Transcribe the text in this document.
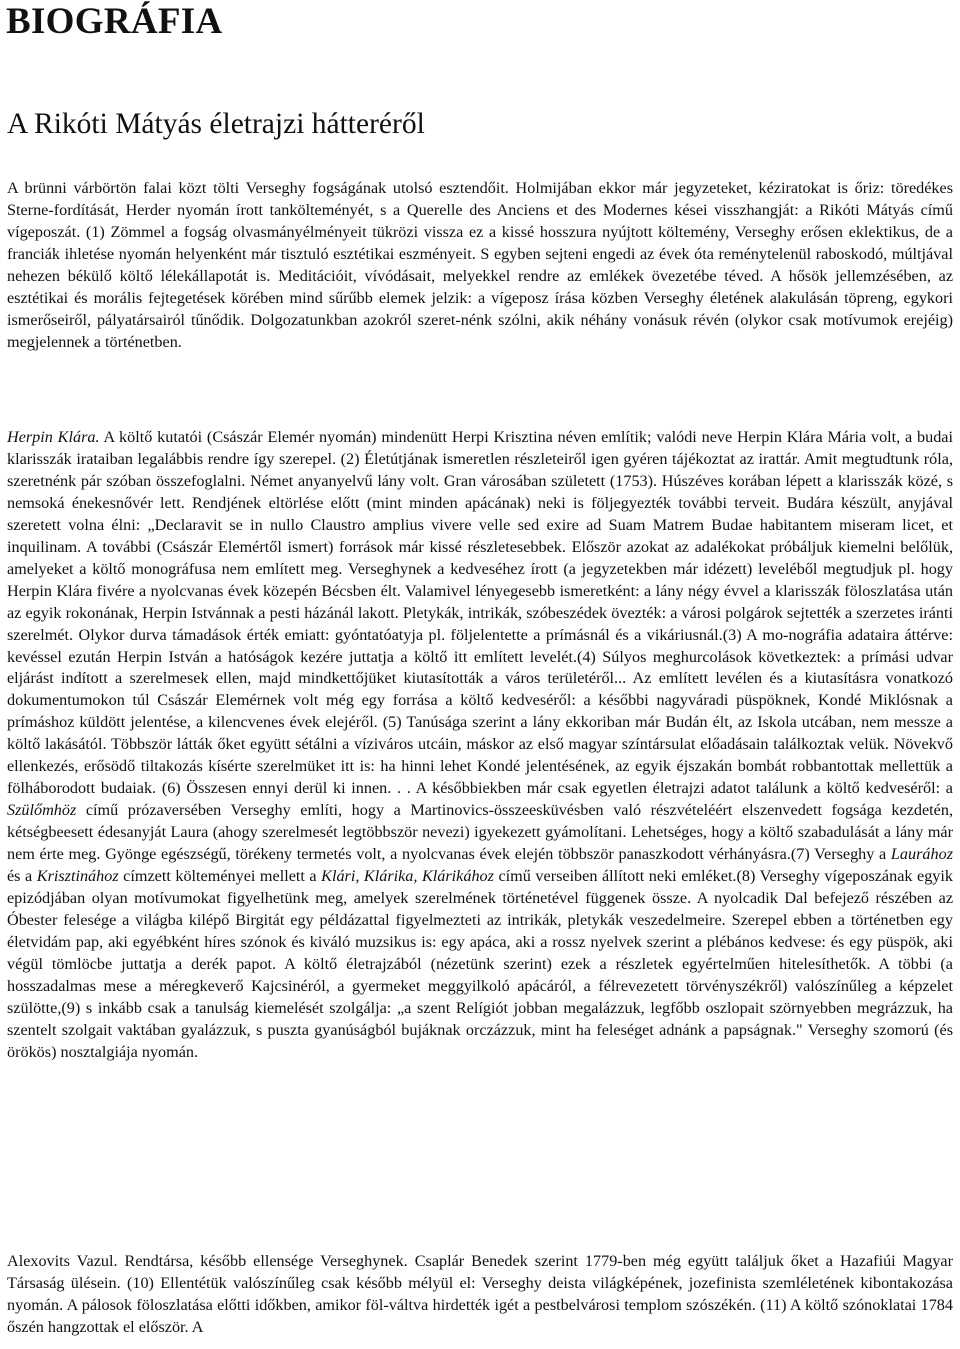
BIOGRÁFIA
A Rikóti Mátyás életrajzi hátteréről

A brünni várbörtön falai közt tölti Verseghy fogságának utolsó esztendőit. Holmijában ekkor már jegyzeteket, kéziratokat is őriz: töredékes Sterne-fordítását, Herder nyomán írott tankölteményét, s a Querelle des Anciens et des Modernes kései visszhangját: a Rikóti Mátyás című vígeposzát. (1) Zömmel a fogság olvasmányélményeit tükrözi vissza ez a kissé hosszura nyújtott költemény, Verseghy erősen eklektikus, de a franciák ihletése nyomán helyenként már tisztuló esztétikai eszményeit. S egyben sejteni engedi az évek óta reménytelenül raboskodó, múltjával nehezen békülő költő lélekállapotát is. Meditációit, vívódásait, melyekkel rendre az emlékek övezetébe téved. A hősök jellemzésében, az esztétikai és morális fejtegetések körében mind sűrűbb elemek jelzik: a vígeposz írása közben Verseghy életének alakulásán töpreng, egykori ismerőseiről, pályatársairól tűnődik. Dolgozatunkban azokról szeret-nénk szólni, akik néhány vonásuk révén (olykor csak motívumok erejéig) megjelennek a történetben.

Herpin Klára. A költő kutatói (Császár Elemér nyomán) mindenütt Herpi Krisztina néven említik; valódi neve Herpin Klára Mária volt, a budai klarisszák irataiban legalábbis rendre így szerepel. (2) Életútjának ismeretlen részleteiről igen gyéren tájékoztat az irattár. Amit megtudtunk róla, szeretnénk pár szóban összefoglalni. Német anyanyelvű lány volt. Gran városában született (1753). Húszéves korában lépett a klarisszák közé, s nemsoká énekesnővér lett. Rendjének eltörlése előtt (mint minden apácának) neki is följegyezték további terveit. Budára készült, anyjával szeretett volna élni: „Declaravit se in nullo Claustro amplius vivere velle sed exire ad Suam Matrem Budae habitantem miseram licet, et inquilinam. A további (Császár Elemértől ismert) források már kissé részletesebbek. Először azokat az adalékokat próbáljuk kiemelni belőlük, amelyeket a költő monográfusa nem említett meg. Verseghynek a kedveséhez írott (a jegyzetekben már idézett) leveléből megtudjuk pl. hogy Herpin Klára fivére a nyolcvanas évek közepén Bécsben élt. Valamivel lényegesebb ismeretként: a lány négy évvel a klarisszák föloszlatása után az egyik rokonának, Herpin Istvánnak a pesti házánál lakott. Pletykák, intrikák, szóbeszédek övezték: a városi polgárok sejtették a szerzetes iránti szerelmét. Olykor durva támadások érték emiatt: gyóntatóatyja pl. följelentette a prímásnál és a vikáriusnál.(3) A mo-nográfia adataira áttérve: kevéssel ezután Herpin István a hatóságok kezére juttatja a költő itt említett levelét.(4) Súlyos meghurcolások következtek: a prímási udvar eljárást indított a szerelmesek ellen, majd mindkettőjüket kiutasították a város területéről... Az említett levélen és a kiutasításra vonatkozó dokumentumokon túl Császár Elemérnek volt még egy forrása a költő kedveséről: a későbbi nagyváradi püspöknek, Kondé Miklósnak a prímáshoz küldött jelentése, a kilencvenes évek elejéről. (5) Tanúsága szerint a lány ekkoriban már Budán élt, az Iskola utcában, nem messze a költő lakásától. Többször látták őket együtt sétálni a víziváros utcáin, máskor az első magyar színtársulat előadásain találkoztak velük. Növekvő ellenkezés, erősödő tiltakozás kísérte szerelmüket itt is: ha hinni lehet Kondé jelentésének, az egyik éjszakán bombát robbantottak mellettük a fölháborodott budaiak. (6) Összesen ennyi derül ki innen. . . A későbbiekben már csak egyetlen életrajzi adatot találunk a költő kedveséről: a Szülőmhöz című prózaversében Verseghy említi, hogy a Martinovics-összeesküvésben való részvételéért elszenvedett fogsága kezdetén, kétségbeesett édesanyját Laura (ahogy szerelmesét legtöbbször nevezi) igyekezett gyámolítani. Lehetséges, hogy a költő szabadulását a lány már nem érte meg. Gyönge egészségű, törékeny termetés volt, a nyolcvanas évek elején többször panaszkodott vérhányásra.(7) Verseghy a Laurához és a Krisztinához címzett költeményei mellett a Klári, Klárika, Klárikához című verseiben állított neki emléket.(8) Verseghy vígeposzának egyik epizódjában olyan motívumokat figyelhetünk meg, amelyek szerelmének történetével függenek össze. A nyolcadik Dal befejező részében az Óbester felesége a világba kilépő Birgitát egy példázattal figyelmezteti az intrikák, pletykák veszedelmeire. Szerepel ebben a történetben egy életvidám pap, aki egyébként híres szónok és kiváló muzsikus is: egy apáca, aki a rossz nyelvek szerint a plébános kedvese: és egy püspök, aki végül tömlöcbe juttatja a derék papot. A költő életrajzából (nézetünk szerint) ezek a részletek egyértelműen hitelesíthetők. A többi (a hosszadalmas mese a méregkeverő Kajcsinéról, a gyermeket meggyilkoló apácáról, a félrevezetett törvényszékről) valószínűleg a képzelet szülötte,(9) s inkább csak a tanulság kiemelését szolgálja: „a szent Relígiót jobban megalázzuk, legfőbb oszlopait szörnyebben megrázzuk, ha szentelt szolgait vaktában gyalázzuk, s puszta gyanúságból bujáknak orczázzuk, mint ha feleséget adnánk a papságnak." Verseghy szomorú (és örökös) nosztalgiája nyomán.

Alexovits Vazul. Rendtársa, később ellensége Verseghynek. Csaplár Benedek szerint 1779-ben még együtt találjuk őket a Hazafiúi Magyar Társaság ülésein. (10) Ellentétük valószínűleg csak később mélyül el: Verseghy deista világképének, jozefinista szemléletének kibontakozása nyomán. A pálosok föloszlatása előtti időkben, amikor föl-váltva hirdették igét a pestbelvárosi templom szószékén. (11) A költő szónoklatai 1784 őszén hangzottak el először. A
